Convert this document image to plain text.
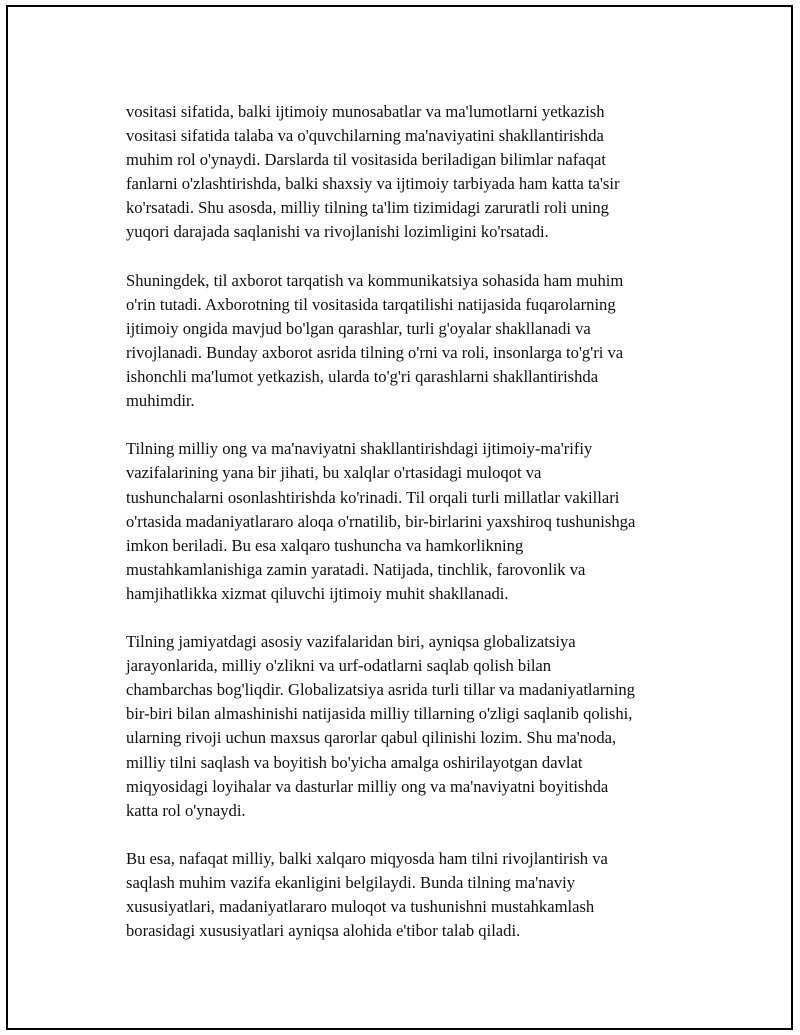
vositasi sifatida, balki ijtimoiy munosabatlar va ma'lumotlarni yetkazish
vositasi sifatida talaba va o'quvchilarning ma'naviyatini shakllantirishda
muhim rol o'ynaydi. Darslarda til vositasida beriladigan bilimlar nafaqat
fanlarni o'zlashtirishda, balki shaxsiy va ijtimoiy tarbiyada ham katta ta'sir
ko'rsatadi. Shu asosda, milliy tilning ta'lim tizimidagi zaruratli roli uning
yuqori darajada saqlanishi va rivojlanishi lozimligini ko'rsatadi.

Shuningdek, til axborot tarqatish va kommunikatsiya sohasida ham muhim
o'rin tutadi. Axborotning til vositasida tarqatilishi natijasida fuqarolarning
ijtimoiy ongida mavjud bo'lgan qarashlar, turli g'oyalar shakllanadi va
rivojlanadi. Bunday axborot asrida tilning o'rni va roli, insonlarga to'g'ri va
ishonchli ma'lumot yetkazish, ularda to'g'ri qarashlarni shakllantirishda
muhimdir.

Tilning milliy ong va ma'naviyatni shakllantirishdagi ijtimoiy-ma'rifiy
vazifalarining yana bir jihati, bu xalqlar o'rtasidagi muloqot va
tushunchalarni osonlashtirishda ko'rinadi. Til orqali turli millatlar vakillari
o'rtasida madaniyatlararo aloqa o'rnatilib, bir-birlarini yaxshiroq tushunishga
imkon beriladi. Bu esa xalqaro tushuncha va hamkorlikning
mustahkamlanishiga zamin yaratadi. Natijada, tinchlik, farovonlik va
hamjihatlikka xizmat qiluvchi ijtimoiy muhit shakllanadi.

Tilning jamiyatdagi asosiy vazifalaridan biri, ayniqsa globalizatsiya
jarayonlarida, milliy o'zlikni va urf-odatlarni saqlab qolish bilan
chambarchas bog'liqdir. Globalizatsiya asrida turli tillar va madaniyatlarning
bir-biri bilan almashinishi natijasida milliy tillarning o'zligi saqlanib qolishi,
ularning rivoji uchun maxsus qarorlar qabul qilinishi lozim. Shu ma'noda,
milliy tilni saqlash va boyitish bo'yicha amalga oshirilayotgan davlat
miqyosidagi loyihalar va dasturlar milliy ong va ma'naviyatni boyitishda
katta rol o'ynaydi.

Bu esa, nafaqat milliy, balki xalqaro miqyosda ham tilni rivojlantirish va
saqlash muhim vazifa ekanligini belgilaydi. Bunda tilning ma'naviy
xususiyatlari, madaniyatlararo muloqot va tushunishni mustahkamlash
borasidagi xususiyatlari ayniqsa alohida e'tibor talab qiladi.
